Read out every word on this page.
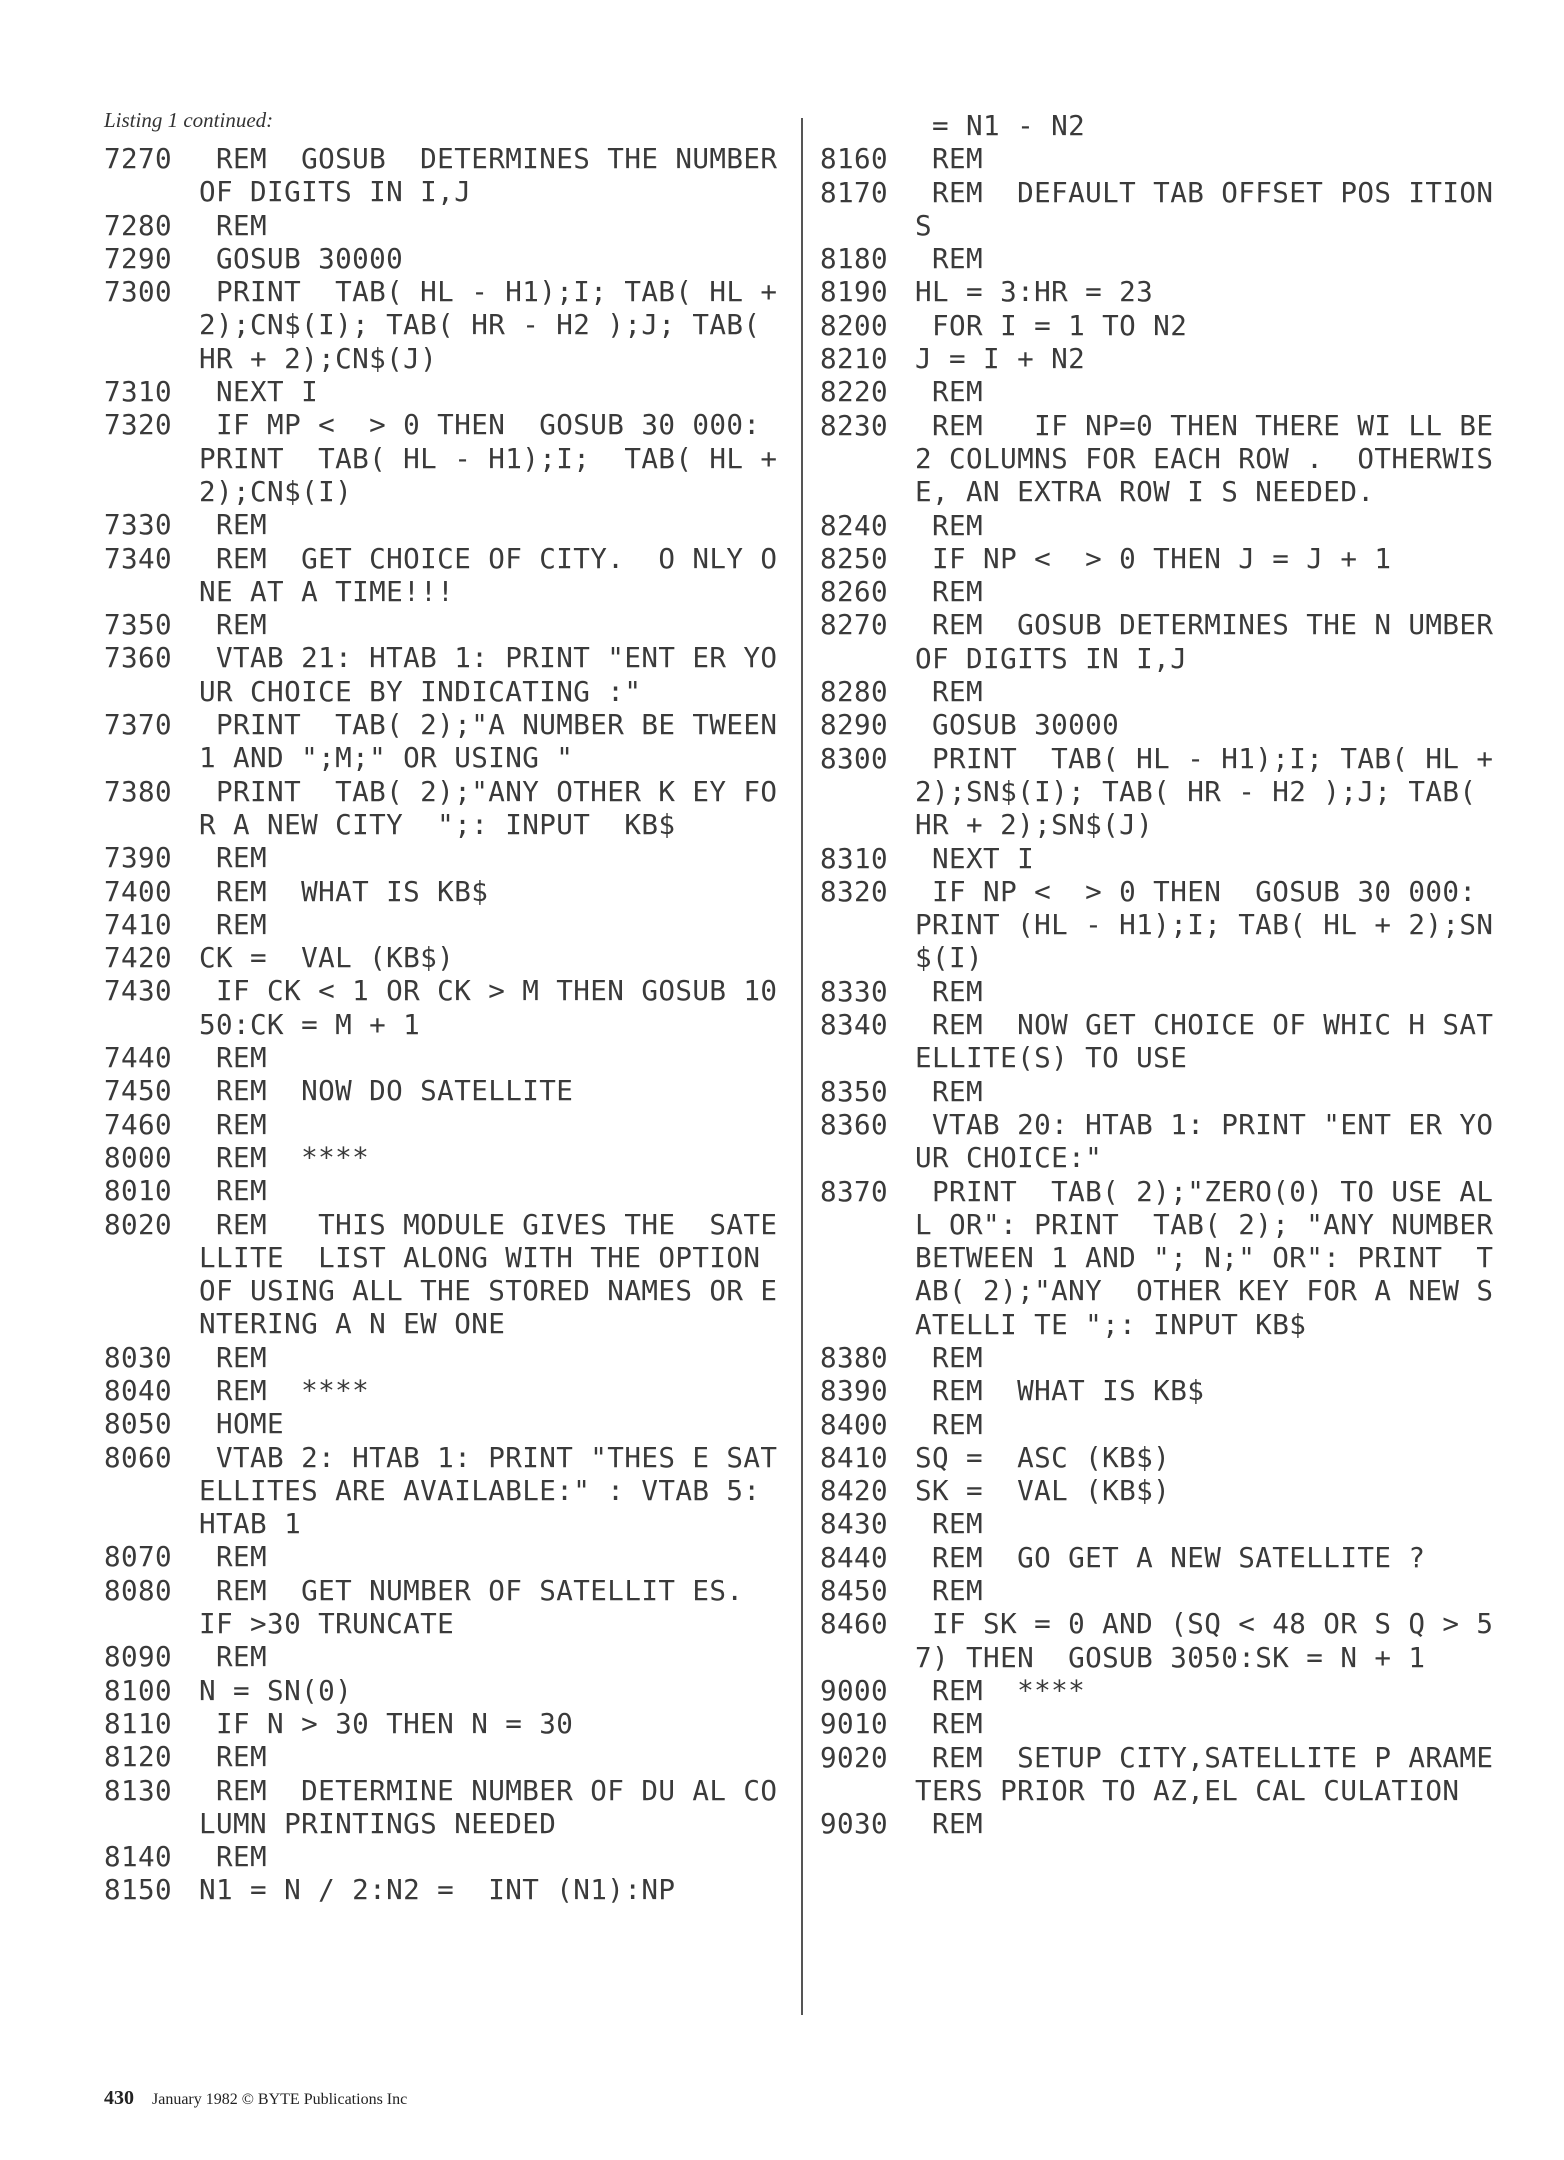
Listing 1 continued:
7270 REM  GOSUB  DETERMINES THE NUMBER OF DIGITS IN I,J
7280 REM
7290 GOSUB 30000
7300 PRINT  TAB( HL - H1);I; TAB( HL + 2);CN$(I); TAB( HR - H2 );J; TAB( HR + 2);CN$(J)
7310 NEXT I
7320 IF MP <  > 0 THEN  GOSUB 30 000: PRINT  TAB( HL - H1);I;  TAB( HL + 2);CN$(I)
7330 REM
7340 REM  GET CHOICE OF CITY.  O NLY ONE AT A TIME!!!
7350 REM
7360 VTAB 21: HTAB 1: PRINT "ENT ER YOUR CHOICE BY INDICATING :"
7370 PRINT  TAB( 2);"A NUMBER BE TWEEN 1 AND ";M;" OR USING "
7380 PRINT  TAB( 2);"ANY OTHER K EY FOR A NEW CITY  ";: INPUT  KB$
7390 REM
7400 REM  WHAT IS KB$
7410 REM
7420 CK =  VAL (KB$)
7430 IF CK < 1 OR CK > M THEN GOSUB 1050:CK = M + 1
7440 REM
7450 REM  NOW DO SATELLITE
7460 REM
8000 REM  ****
8010 REM
8020 REM   THIS MODULE GIVES THE  SATELLITE  LIST ALONG WITH THE OPTION OF USING ALL THE STORED NAMES OR ENTERING A N EW ONE
8030 REM
8040 REM  ****
8050 HOME
8060 VTAB 2: HTAB 1: PRINT "THES E SATELLITES ARE AVAILABLE:" : VTAB 5: HTAB 1
8070 REM
8080 REM  GET NUMBER OF SATELLIT ES.  IF >30 TRUNCATE
8090 REM
8100 N = SN(0)
8110 IF N > 30 THEN N = 30
8120 REM
8130 REM  DETERMINE NUMBER OF DU AL COLUMN PRINTINGS NEEDED
8140 REM
8150 N1 = N / 2:N2 =  INT (N1):NP
= N1 - N2
8160 REM
8170 REM  DEFAULT TAB OFFSET POS ITIONS
8180 REM
8190 HL = 3:HR = 23
8200 FOR I = 1 TO N2
8210 J = I + N2
8220 REM
8230 REM   IF NP=0 THEN THERE WI LL BE 2 COLUMNS FOR EACH ROW .  OTHERWISE, AN EXTRA ROW I S NEEDED.
8240 REM
8250 IF NP <  > 0 THEN J = J + 1
8260 REM
8270 REM  GOSUB DETERMINES THE N UMBER OF DIGITS IN I,J
8280 REM
8290 GOSUB 30000
8300 PRINT  TAB( HL - H1);I; TAB( HL + 2);SN$(I); TAB( HR - H2 );J; TAB( HR + 2);SN$(J)
8310 NEXT I
8320 IF NP <  > 0 THEN  GOSUB 30 000: PRINT (HL - H1);I; TAB( HL + 2);SN$(I)
8330 REM
8340 REM  NOW GET CHOICE OF WHIC H SATELLITE(S) TO USE
8350 REM
8360 VTAB 20: HTAB 1: PRINT "ENT ER YOUR CHOICE:"
8370 PRINT  TAB( 2);"ZERO(0) TO USE ALL OR": PRINT  TAB( 2); "ANY NUMBER BETWEEN 1 AND "; N;" OR": PRINT  TAB( 2);"ANY  OTHER KEY FOR A NEW SATELLI TE ";: INPUT KB$
8380 REM
8390 REM  WHAT IS KB$
8400 REM
8410 SQ =  ASC (KB$)
8420 SK =  VAL (KB$)
8430 REM
8440 REM  GO GET A NEW SATELLITE ?
8450 REM
8460 IF SK = 0 AND (SQ < 48 OR S Q > 57) THEN  GOSUB 3050:SK = N + 1
9000 REM  ****
9010 REM
9020 REM  SETUP CITY,SATELLITE P ARAMETERS PRIOR TO AZ,EL CAL CULATION
9030 REM
430 January 1982 © BYTE Publications Inc
